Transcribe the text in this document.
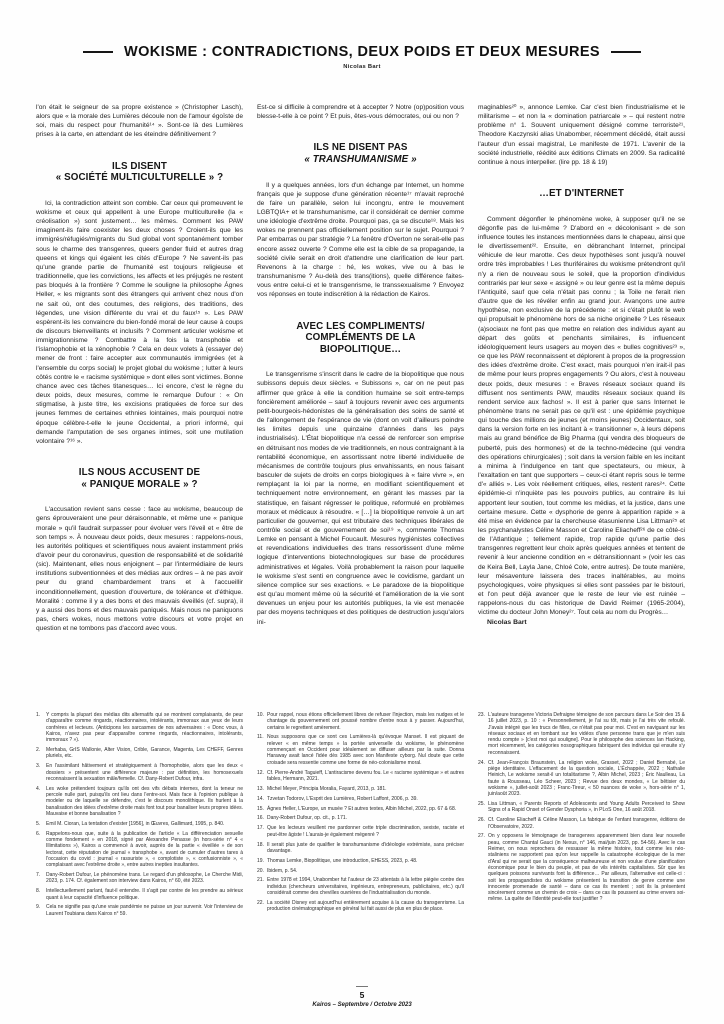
WOKISME : CONTRADICTIONS, DEUX POIDS ET DEUX MESURES
Nicolas Bart

l'on était le seigneur de sa propre existence » (Christopher Lasch), alors que « la morale des Lumières découle non de l'amour égoïste de soi, mais du respect pour l'humanité¹⁴ ». Sont-ce là des Lumières prises à la carte, en attendant de les éteindre définitivement ?

ILS DISENT
« SOCIÉTÉ MULTICULTURELLE » ?

Ici, la contradiction atteint son comble. Car ceux qui promeuvent le wokisme et ceux qui appellent à une Europe multiculturelle (la « créolisation ») sont justement… les mêmes. Comment les PAW imaginent-ils faire coexister les deux choses ? Croient-ils que les immigrés/réfugiés/migrants du Sud global vont spontanément tomber sous le charme des transgenres, queers gender fluid et autres drag queens et kings qui égaient les cités d'Europe ? Ne savent-ils pas qu'une grande partie de l'humanité est toujours religieuse et traditionnelle, que les convictions, les affects et les préjugés ne restent pas bloqués à la frontière ? Comme le souligne la philosophe Ágnes Heller, « les migrants sont des étrangers qui arrivent chez nous d'on ne sait où, ont des coutumes, des religions, des traditions, des légendes, une vision différente du vrai et du faux¹⁵ ». Les PAW espèrent-ils les convaincre du bien-fondé moral de leur cause à coups de discours bienveillants et inclusifs ? Comment articuler wokisme et immigrationnisme ? Combattre à la fois la transphobie et l'islamophobie et la xénophobie ? Cela en deux volets à (essayer de) mener de front : faire accepter aux communautés immigrées (et à l'ensemble du corps social) le projet global du wokisme ; lutter à leurs côtés contre le « racisme systémique » dont elles sont victimes. Bonne chance avec ces tâches titanesques… Ici encore, c'est le règne du deux poids, deux mesures, comme le remarque Dufour : « On stigmatise, à juste titre, les excisions pratiquées de force sur des jeunes femmes de certaines ethnies lointaines, mais pourquoi notre époque célèbre-t-elle le jeune Occidental, a priori informé, qui demande l'amputation de ses organes intimes, soit une mutilation volontaire ?¹⁶ ».

ILS NOUS ACCUSENT DE
« PANIQUE MORALE » ?

L'accusation revient sans cesse : face au wokisme, beaucoup de gens éprouveraient une peur déraisonnable, et même une « panique morale » qu'il faudrait surpasser pour évoluer vers l'éveil et « être de son temps ». À nouveau deux poids, deux mesures : rappelons-nous, les autorités politiques et scientifiques nous avaient instamment priés d'avoir peur du coronavirus, question de responsabilité et de solidarité (sic). Maintenant, elles nous enjoignent – par l'intermédiaire de leurs institutions subventionnées et des médias aux ordres – à ne pas avoir peur du grand chambardement trans et à l'accueillir inconditionnellement, question d'ouverture, de tolérance et d'éthique. Moralité : comme il y a des bons et des mauvais éveillés (cf. supra), il y a aussi des bons et des mauvais paniqués. Mais nous ne paniquons pas, chers wokes, nous mettons votre discours et votre projet en question et ne tombons pas d'accord avec vous.

Est-ce si difficile à comprendre et à accepter ? Notre (op)position vous blesse-t-elle à ce point ? Et puis, êtes-vous démocrates, oui ou non ?

ILS NE DISENT PAS
« TRANSHUMANISME »

Il y a quelques années, lors d'un échange par Internet, un homme français que je suppose d'une génération récente¹⁷ m'avait reproché de faire un parallèle, selon lui incongru, entre le mouvement LGBTQIA+ et le transhumanisme, car il considérait ce dernier comme une idéologie d'extrême droite. Pourquoi pas, ça se discute¹⁸. Mais les wokes ne prennent pas officiellement position sur le sujet. Pourquoi ? Par embarras ou par stratégie ? La fenêtre d'Overton ne serait-elle pas encore assez ouverte ? Comme elle est la cible de sa propagande, la société civile serait en droit d'attendre une clarification de leur part. Revenons à la charge : hé, les wokes, vive ou à bas le transhumanisme ? Au-delà des trans(itions), quelle différence faites-vous entre celui-ci et le transgenrisme, le transsexualisme ? Envoyez vos réponses en toute indiscrétion à la rédaction de Kairos.

AVEC LES COMPLIMENTS/
COMPLÉMENTS DE LA
BIOPOLITIQUE…

Le transgenrisme s'inscrit dans le cadre de la biopolitique que nous subissons depuis deux siècles. « Subissons », car on ne peut pas affirmer que grâce à elle la condition humaine se soit entre-temps foncièrement améliorée – sauf à toujours revenir avec ces arguments petit-bourgeois-hédonistes de la généralisation des soins de santé et de l'allongement de l'espérance de vie (dont on voit d'ailleurs poindre les limites depuis une quinzaine d'années dans les pays industrialisés). L'État biopolitique n'a cessé de renforcer son emprise en détruisant nos modes de vie traditionnels, en nous contraignant à la rentabilité économique, en assortissant notre liberté individuelle de mécanismes de contrôle toujours plus envahissants, en nous faisant basculer de sujets de droits en corps biologiques à « faire vivre », en remplaçant la loi par la norme, en modifiant scientifiquement et techniquement notre environnement, en gérant les masses par la statistique, en faisant régresser le politique, reformulé en problèmes moraux et médicaux à résoudre. « […] la biopolitique renvoie à un art particulier de gouverner, qui est tributaire des techniques libérales de contrôle social et de gouvernement de soi¹⁹ », commente Thomas Lemke en pensant à Michel Foucault. Mesures hygiénistes collectives et revendications individuelles des trans ressortissent d'une même logique d'interventions biotechnologiques sur base de procédures administratives et légales. Voilà probablement la raison pour laquelle le wokisme s'est senti en congruence avec le covidisme, gardant un silence complice sur ses exactions. « Le paradoxe de la biopolitique est qu'au moment même où la sécurité et l'amélioration de la vie sont devenues un enjeu pour les autorités publiques, la vie est menacée par des moyens techniques et des politiques de destruction jusqu'alors ini-

maginables²⁰ », annonce Lemke. Car c'est bien l'industrialisme et le militarisme – et non la « domination patriarcale » – qui restent notre problème n° 1. Souvent uniquement désigné comme terroriste²¹, Theodore Kaczynski alias Unabomber, récemment décédé, était aussi l'auteur d'un essai magistral, Le manifeste de 1971. L'avenir de la société industrielle, réédité aux éditions Climats en 2009. Sa radicalité continue à nous interpeller. (lire pp. 18 & 19)

…ET D'INTERNET

Comment dégonfler le phénomène woke, à supposer qu'il ne se dégonfle pas de lui-même ? D'abord en « décolonisant » de son influence toutes les instances mentionnées dans le chapeau, ainsi que le divertissement²². Ensuite, en débranchant Internet, principal véhicule de leur marotte. Ces deux hypothèses sont jusqu'à nouvel ordre très improbables ! Les thuriféraires du wokisme prétendront qu'il n'y a rien de nouveau sous le soleil, que la proportion d'individus contrariés par leur sexe « assigné » ou leur genre est la même depuis l'Antiquité, sauf que cela n'était pas connu ; la Toile ne ferait rien d'autre que de les révéler enfin au grand jour. Avançons une autre hypothèse, non exclusive de la précédente : et si c'était plutôt le web qui propulsait le phénomène hors de sa niche originelle ? Les réseaux (a)sociaux ne font pas que mettre en relation des individus ayant au départ des goûts et penchants similaires, ils influencent idéologiquement leurs usagers au moyen des « bulles cognitives²³ », ce que les PAW reconnaissent et déplorent à propos de la progression des idées d'extrême droite. C'est exact, mais pourquoi n'en irait-il pas de même pour leurs propres engagements ? Ou alors, c'est à nouveau deux poids, deux mesures : « Braves réseaux sociaux quand ils diffusent nos sentiments PAW, maudits réseaux sociaux quand ils rendent service aux fachos! ». Il est à parier que sans Internet le phénomène trans ne serait pas ce qu'il est : une épidémie psychique qui touche des millions de jeunes (et moins jeunes) Occidentaux, soit dans la version forte en les incitant à « transitionner », à leurs dépens mais au grand bénéfice de Big Pharma (qui vendra des bloqueurs de puberté, puis des hormones) et de la techno-médecine (qui vendra des opérations chirurgicales) ; soit dans la version faible en les incitant a minima à l'indulgence en tant que spectateurs, ou mieux, à l'exaltation en tant que supporters – ceux-ci étant repris sous le terme d'« alliés ». Les voix réellement critiques, elles, restent rares²⁴. Cette épidémie-ci n'inquiète pas les pouvoirs publics, au contraire ils lui apportent leur soutien, tout comme les médias, et la justice, dans une certaine mesure. Cette « dysphorie de genre à apparition rapide » a été mise en évidence par la chercheuse étasunienne Lisa Littman²⁵ et les psychanalystes Céline Masson et Caroline Eliacheff²⁶ de ce côté-ci de l'Atlantique ; tellement rapide, trop rapide qu'une partie des transgenres regrettent leur choix après quelques années et tentent de revenir à leur ancienne condition en « détransitionnant » (voir les cas de Keira Bell, Layla Jane, Chloé Cole, entre autres). De toute manière, leur mésaventure laissera des traces inaltérables, au moins psychologiques, voire physiques si elles sont passées par le bistouri, et l'on peut déjà avancer que le reste de leur vie est ruinée – rappelons-nous du cas historique de David Reimer (1965-2004), victime du docteur John Money²⁷. Tout cela au nom du Progrès…

Nicolas Bart

1.	Y compris la plupart des médias dits alternatifs qui se montrent complaisants, de peur d'apparaître comme ringards, réactionnaires, intolérants, immoraux aux yeux de leurs confrères et lecteurs. (Anticipons les sarcasmes de nos adversaires : « Donc vous, à Kairos, n'avez pas peur d'apparaître comme ringards, réactionnaires, intolérants, immoraux ? »).
2.	Merhaba, GrIS Wallonie, Alter Vision, Crible, Garance, Magenta, Les CHEFF, Genres pluriels, etc.
3.	En l'assimilant hâtivement et stratégiquement à l'homophobie, alors que les deux « dossiers » présentent une différence majeure : par définition, les homosexuels reconnaissent la sexuation mâle/femelle. Cf. Dany-Robert Dufour, infra.
4.	Les woke prétendent toujours qu'ils ont des vifs débats internes, dont la teneur ne percole nulle part, puisqu'ils ont lieu dans l'entre-soi. Mais face à l'opinion publique à modeler ou de laquelle se défendre, c'est le discours monolithique. Ils hurlent à la banalisation des idées d'extrême droite mais font tout pour banaliser leurs propres idées. Mauvaise et bonne banalisation ?
5.	Emil M. Cioran, La tentation d'exister [1956], in Œuvres, Gallimard, 1995, p. 840.
6.	Rappelons-nous que, suite à la publication de l'article « La différenciation sexuelle comme fondement » en 2018, signé par Alexandre Penasse (in hors-série n° 4 « Illimitations »), Kairos a commencé à avoir, auprès de la partie « éveillée » de son lectorat, cette réputation de journal « transphobe », avant de cumuler d'autres tares à l'occasion du covid : journal « rassuriste », « complotiste », « confusionniste », « complaisant avec l'extrême droite », entre autres inepties insultantes.
7.	Dany-Robert Dufour, Le phénomène trans. Le regard d'un philosophe, Le Cherche Midi, 2023, p. 174. Cf. également son interview dans Kairos, n° 60, été 2023.
8.	Intellectuellement parlant, faut-il entendre. Il s'agit par contre de les prendre au sérieux quant à leur capacité d'influence politique.
9.	Cela ne signifie pas qu'une vraie pandémie ne puisse un jour survenir. Voir l'interview de Laurent Toubiana dans Kairos n° 59.
10. Pour rappel, nous étions officiellement libres de refuser l'injection, mais les nudges et le chantage du gouvernement ont poussé nombre d'entre nous à y passer. Aujourd'hui, certains le regrettent amèrement.
11. Nous supposons que ce sont ces Lumières-là qu'évoque Manset. Il est piquant de relever « en même temps » la portée universelle du wokisme, le phénomène commençant en Occident pour idéalement se diffuser ailleurs par la suite. Donna Haraway avait lancé l'idée dès 1985 avec son Manifeste cyborg. Nul doute que cette croisade sera ressentie comme une forme de néo-colonialisme moral.
12. Cf. Pierre-André Taguieff, L'antiracisme devenu fou. Le « racisme systémique » et autres fables, Hermann, 2021.
13. Michel Meyer, Principia Moralia, Fayard, 2013, p. 181.
14. Tzvetan Todorov, L'Esprit des Lumières, Robert Laffont, 2006, p. 39.
15. Ágnes Heller, L'Europe, un musée ? Et autres textes, Albin Michel, 2022, pp. 67 & 68.
16. Dany-Robert Dufour, op. cit., p. 171.
17. Que les lecteurs veuillent me pardonner cette triple discrimination, sexiste, raciste et peut-être âgiste ! L'aurais-je également mégenré ?
18. Il serait plus juste de qualifier le transhumanisme d'idéologie extrémiste, sans préciser davantage.
19. Thomas Lemke, Biopolitique, une introduction, EHESS, 2023, p. 48.
20. Ibidem, p. 54.
21. Entre 1978 et 1994, Unabomber fut l'auteur de 23 attentats à la lettre piégée contre des individus (chercheurs universitaires, ingénieurs, entrepreneurs, publicitaires, etc.) qu'il considérait comme des chevilles ouvrières de l'industrialisation du monde.
22. La société Disney est aujourd'hui entièrement acquise à la cause du transgenrisme. La production cinématographique en général lui fait aussi de plus en plus de place.
23. L'auteure transgenre Victoria Defraigne témoigne de son parcours dans Le Soir des 15 & 16 juillet 2023, p. 10 : « Personnellement, je l'ai su tôt, mais je l'ai très vite refoulé. J'avais intégré que les trucs de filles, ce n'était pas pour moi. C'est en naviguant sur les réseaux sociaux et en tombant sur les vidéos d'une personne trans que je m'en suis rendu compte » [c'est moi qui souligne]. Pour le philosophe des sciences Ian Hacking, mort récemment, les catégories nosographiques fabriquent des individus qui ensuite s'y reconnaissent.
24. Cf. Jean-François Braunstein, La religion woke, Grasset, 2022 ; Daniel Bernabé, Le piège identitaire. L'effacement de la question sociale, L'Échappée, 2022 ; Nathalie Heinich, Le wokisme serait-il un totalitarisme ?, Albin Michel, 2023 ; Éric Naulleau, La faute à Rousseau, Léo Scheer, 2023 ; Revue des deux mondes, « Le bêtisier du wokisme », juillet-août 2023 ; Franc-Tireur, « 50 nuances de woke », hors-série n° 1, juin/août 2023.
25. Lisa Littman, « Parents Reports of Adolescents and Young Adults Perceived to Show Signs of a Rapid Onset of Gender Dysphoria », in PLoS One, 16 août 2018.
26. Cf. Caroline Eliacheff & Céline Masson, La fabrique de l'enfant transgenre, éditions de l'Observatoire, 2022.
27. On y opposera le témoignage de transgenres apparemment bien dans leur nouvelle peau, comme Chantal Gauci (in Nexus, n° 146, mai/juin 2023, pp. 54-56). Avec le cas Reimer, on nous reprochera de ressasser la même histoire, tout comme les néo-staliniens ne supportent pas qu'on leur rappelle la catastrophe écologique de la mer d'Aral qui ne serait que la conséquence malheureuse et non voulue d'une planification économique pour le bien du peuple, et pas de vils intérêts capitalistes. Sûr que les quelques poissons survivants font la différence… Par ailleurs, l'alternative est celle-ci : soit les propagandistes du wokisme présentent la transition de genre comme une innocente promenade de santé – dans ce cas ils mentent ; soit ils la présentent sincèrement comme un chemin de croix – dans ce cas ils poussent au crime envers soi-même. La quête de l'identité peut-elle tout justifier ?
5
Kairos – Septembre / Octobre 2023
